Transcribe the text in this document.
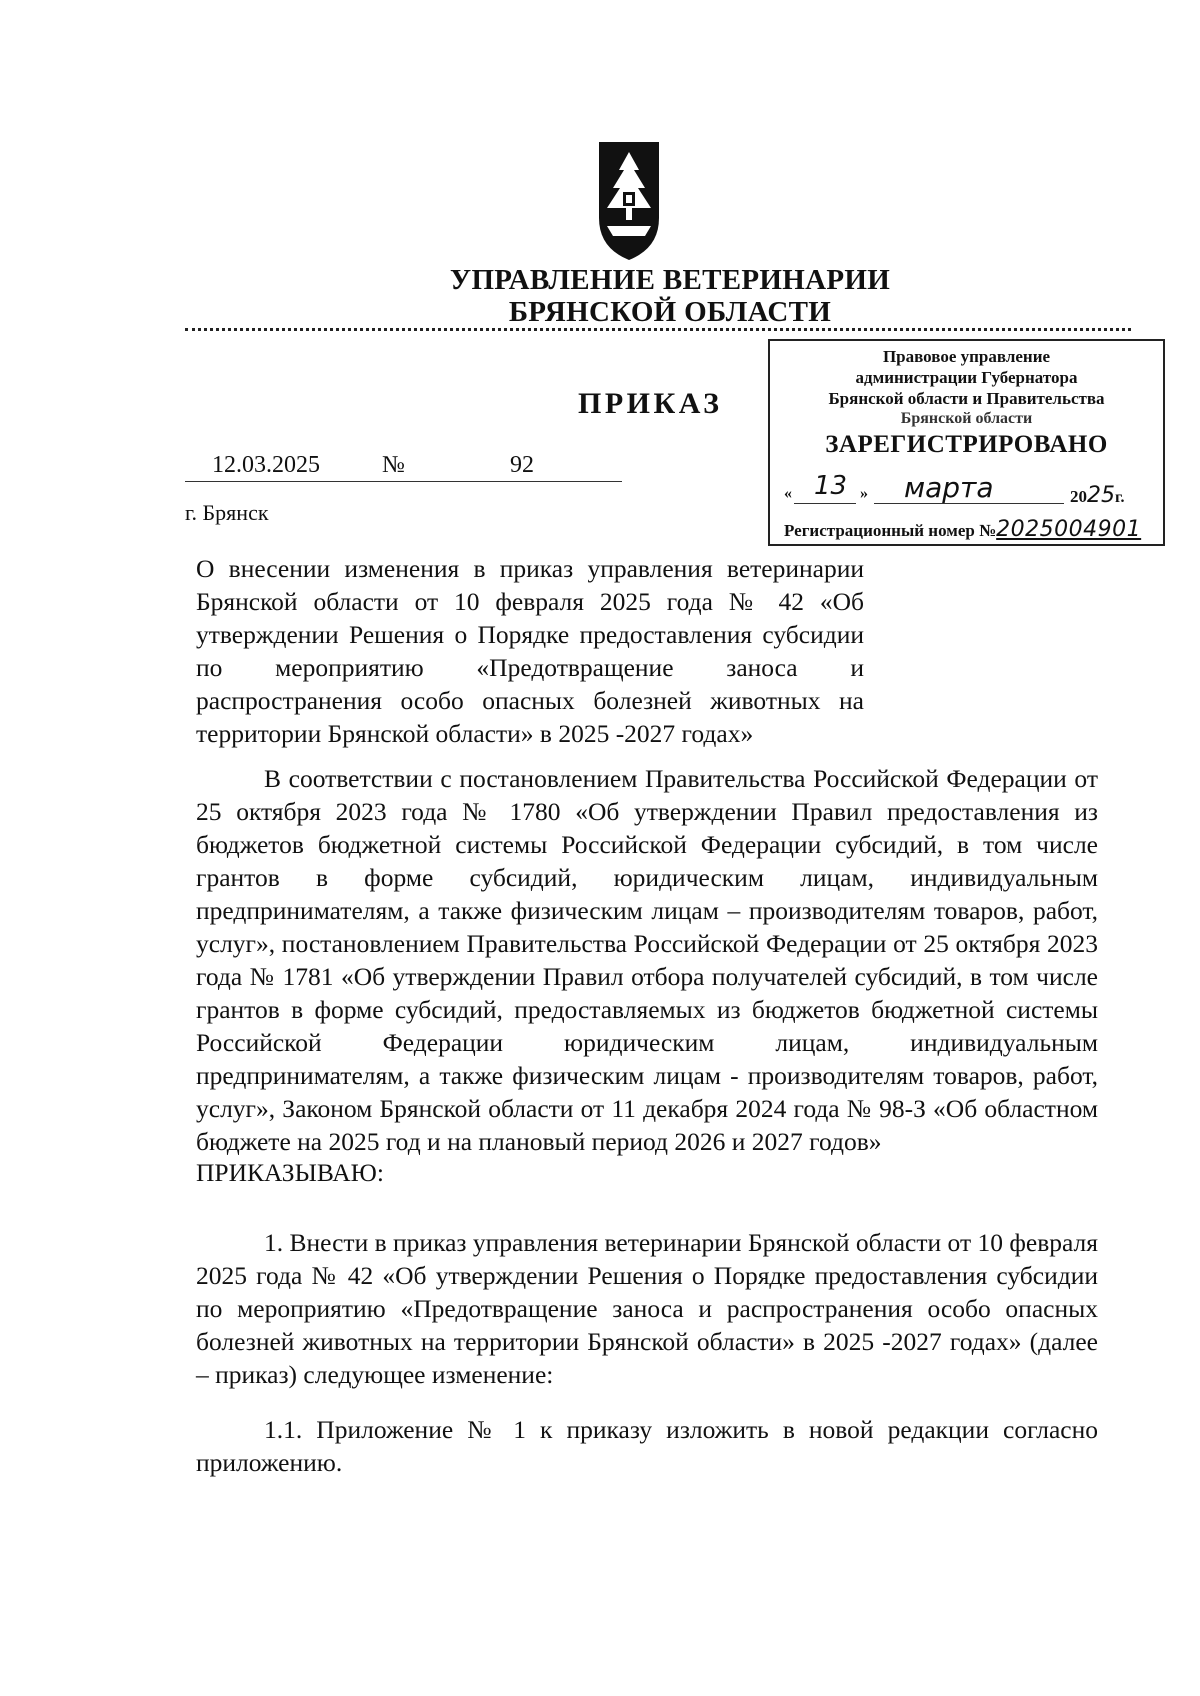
УПРАВЛЕНИЕ ВЕТЕРИНАРИИ
БРЯНСКОЙ ОБЛАСТИ
ПРИКАЗ
12.03.2025	№	92
г. Брянск
Правовое управление
администрации Губернатора
Брянской области и Правительства
Брянской области
ЗАРЕГИСТРИРОВАНО
« 13 » марта	2025г.
Регистрационный номер №2025004901
О внесении изменения в приказ управления ветеринарии Брянской области от 10 февраля 2025 года № 42 «Об утверждении Решения о Порядке предоставления субсидии по мероприятию «Предотвращение заноса и распространения особо опасных болезней животных на территории Брянской области» в 2025 -2027 годах»
В соответствии с постановлением Правительства Российской Федерации от 25 октября 2023 года № 1780 «Об утверждении Правил предоставления из бюджетов бюджетной системы Российской Федерации субсидий, в том числе грантов в форме субсидий, юридическим лицам, индивидуальным предпринимателям, а также физическим лицам – производителям товаров, работ, услуг», постановлением Правительства Российской Федерации от 25 октября 2023 года № 1781 «Об утверждении Правил отбора получателей субсидий, в том числе грантов в форме субсидий, предоставляемых из бюджетов бюджетной системы Российской Федерации юридическим лицам, индивидуальным предпринимателям, а также физическим лицам - производителям товаров, работ, услуг», Законом Брянской области от 11 декабря 2024 года № 98-З «Об областном бюджете на 2025 год и на плановый период 2026 и 2027 годов»
ПРИКАЗЫВАЮ:
1. Внести в приказ управления ветеринарии Брянской области от 10 февраля 2025 года № 42 «Об утверждении Решения о Порядке предоставления субсидии по мероприятию «Предотвращение заноса и распространения особо опасных болезней животных на территории Брянской области» в 2025 -2027 годах» (далее – приказ) следующее изменение:
1.1. Приложение № 1 к приказу изложить в новой редакции согласно приложению.
